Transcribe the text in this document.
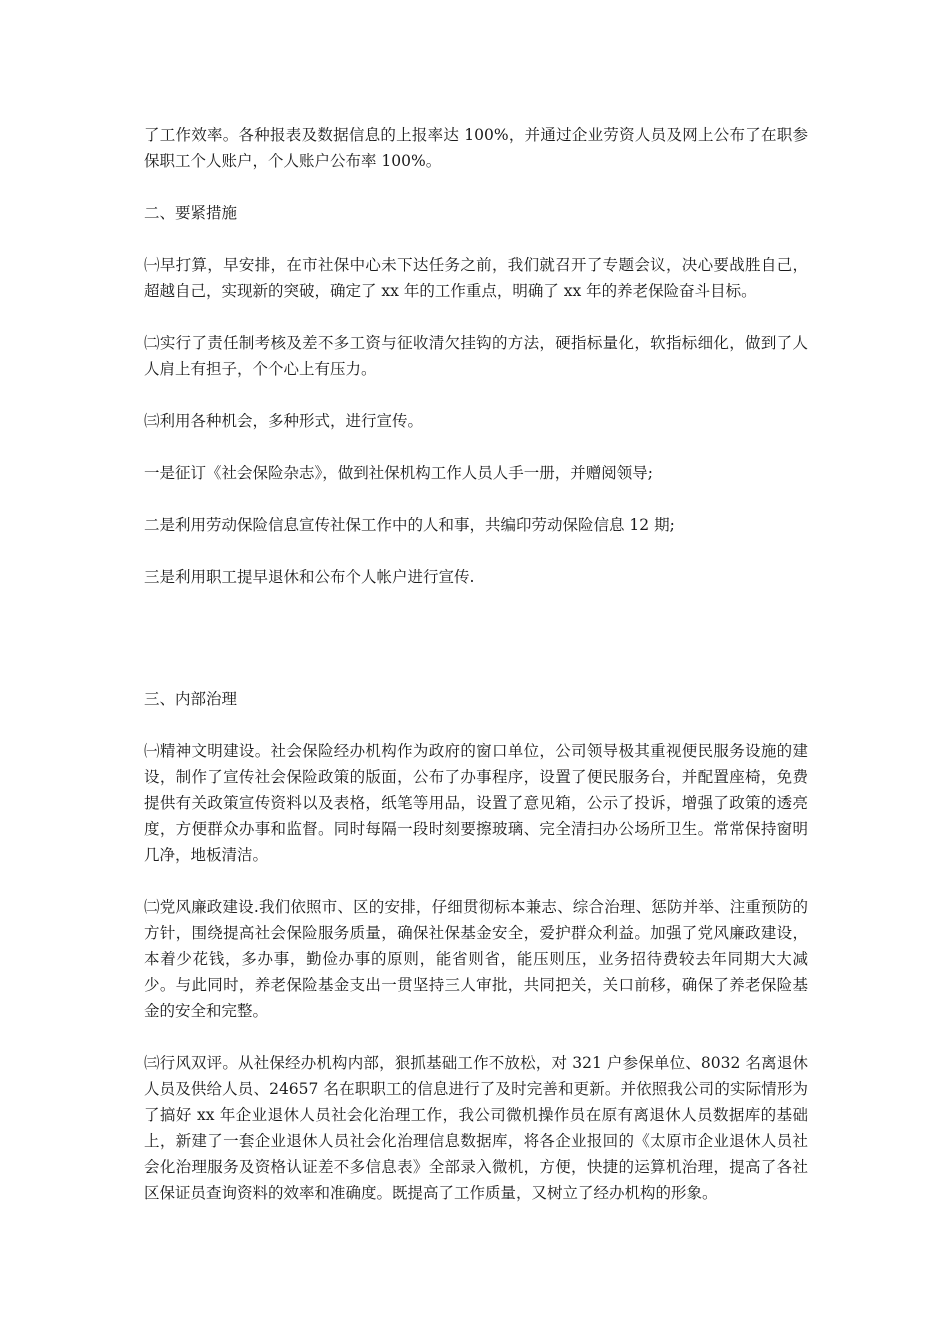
了工作效率。各种报表及数据信息的上报率达 100%，并通过企业劳资人员及网上公布了在职参保职工个人账户，个人账户公布率 100%。

二、要紧措施

㈠早打算，早安排，在市社保中心未下达任务之前，我们就召开了专题会议，决心要战胜自己，超越自己，实现新的突破，确定了 xx 年的工作重点，明确了 xx 年的养老保险奋斗目标。

㈡实行了责任制考核及差不多工资与征收清欠挂钩的方法，硬指标量化，软指标细化，做到了人人肩上有担子，个个心上有压力。

㈢利用各种机会，多种形式，进行宣传。

一是征订《社会保险杂志》，做到社保机构工作人员人手一册，并赠阅领导;

二是利用劳动保险信息宣传社保工作中的人和事，共编印劳动保险信息 12 期;

三是利用职工提早退休和公布个人帐户进行宣传.

三、内部治理

㈠精神文明建设。社会保险经办机构作为政府的窗口单位，公司领导极其重视便民服务设施的建设，制作了宣传社会保险政策的版面，公布了办事程序，设置了便民服务台，并配置座椅，免费提供有关政策宣传资料以及表格，纸笔等用品，设置了意见箱，公示了投诉，增强了政策的透亮度，方便群众办事和监督。同时每隔一段时刻要擦玻璃、完全清扫办公场所卫生。常常保持窗明几净，地板清洁。

㈡党风廉政建设.我们依照市、区的安排，仔细贯彻标本兼志、综合治理、惩防并举、注重预防的方针，围绕提高社会保险服务质量，确保社保基金安全，爱护群众利益。加强了党风廉政建设，本着少花钱，多办事，勤俭办事的原则，能省则省，能压则压，业务招待费较去年同期大大减少。与此同时，养老保险基金支出一贯坚持三人审批，共同把关，关口前移，确保了养老保险基金的安全和完整。

㈢行风双评。从社保经办机构内部，狠抓基础工作不放松，对 321 户参保单位、8032 名离退休人员及供给人员、24657 名在职职工的信息进行了及时完善和更新。并依照我公司的实际情形为了搞好 xx 年企业退休人员社会化治理工作，我公司微机操作员在原有离退休人员数据库的基础上，新建了一套企业退休人员社会化治理信息数据库，将各企业报回的《太原市企业退休人员社会化治理服务及资格认证差不多信息表》全部录入微机，方便，快捷的运算机治理，提高了各社区保证员查询资料的效率和准确度。既提高了工作质量，又树立了经办机构的形象。
